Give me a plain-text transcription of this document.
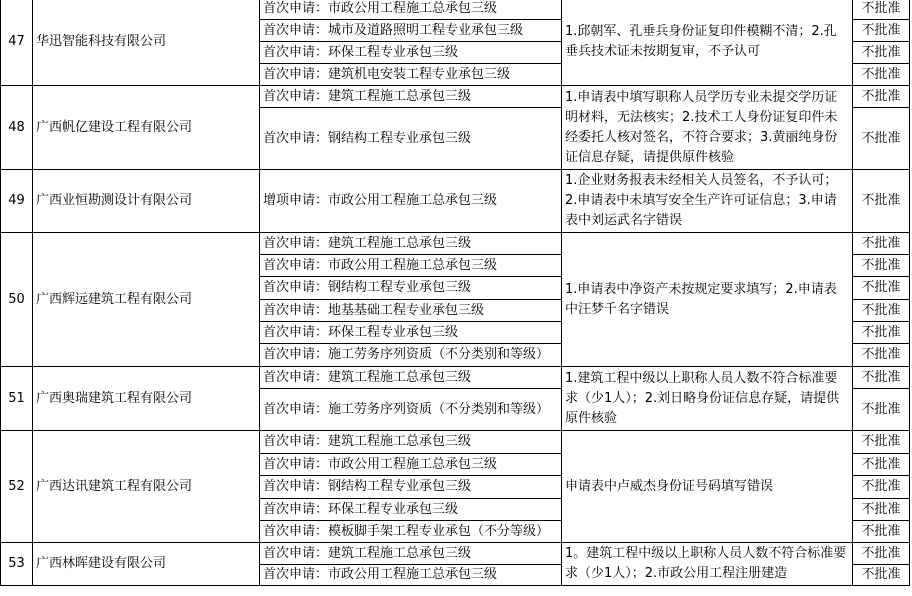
47	华迅智能科技有限公司	首次申请：市政公用工程施工总承包三级	1.邱朝军、孔垂兵身份证复印件模糊不清；2.孔垂兵技术证未按期复审，不予认可	不批准
		首次申请：城市及道路照明工程专业承包三级		不批准
		首次申请：环保工程专业承包三级		不批准
		首次申请：建筑机电安装工程专业承包三级		不批准
48	广西帆亿建设工程有限公司	首次申请：建筑工程施工总承包三级	1.申请表中填写职称人员学历专业未提交学历证明材料，无法核实；2.技术工人身份证复印件未经委托人核对签名，不符合要求；3.黄丽纯身份证信息存疑，请提供原件核验	不批准
		首次申请：钢结构工程专业承包三级		不批准
49	广西业恒勘测设计有限公司	增项申请：市政公用工程施工总承包三级	1.企业财务报表未经相关人员签名，不予认可；2.申请表中未填写安全生产许可证信息；3.申请表中刘运武名字错误	不批准
50	广西辉远建筑工程有限公司	首次申请：建筑工程施工总承包三级	1.申请表中净资产未按规定要求填写；2.申请表中汪梦千名字错误	不批准
		首次申请：市政公用工程施工总承包三级		不批准
		首次申请：钢结构工程专业承包三级		不批准
		首次申请：地基基础工程专业承包三级		不批准
		首次申请：环保工程专业承包三级		不批准
		首次申请：施工劳务序列资质（不分类别和等级）		不批准
51	广西奥瑞建筑工程有限公司	首次申请：建筑工程施工总承包三级	1.建筑工程中级以上职称人员人数不符合标准要求（少1人）；2.刘日略身份证信息存疑，请提供原件核验	不批准
		首次申请：施工劳务序列资质（不分类别和等级）		不批准
52	广西达讯建筑工程有限公司	首次申请：建筑工程施工总承包三级	申请表中卢威杰身份证号码填写错误	不批准
		首次申请：市政公用工程施工总承包三级		不批准
		首次申请：钢结构工程专业承包三级		不批准
		首次申请：环保工程专业承包三级		不批准
		首次申请：模板脚手架工程专业承包（不分等级）		不批准
53	广西林晖建设有限公司	首次申请：建筑工程施工总承包三级	1。建筑工程中级以上职称人员人数不符合标准要求（少1人）；2.市政公用工程注册建造	不批准
		首次申请：市政公用工程施工总承包三级		不批准
